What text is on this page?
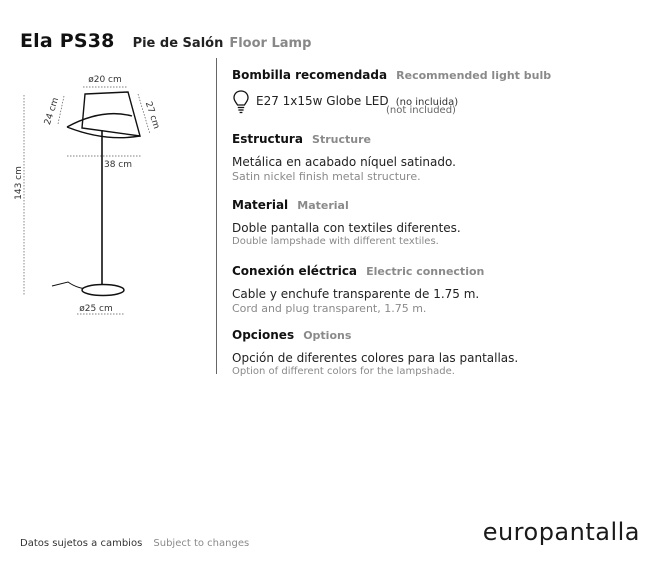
Ela PS38 Pie de Salón Floor Lamp
ø20 cm
24 cm	27 cm
38 cm
143 cm
ø25 cm
Bombilla recomendada Recommended light bulb
E27 1x15w Globe LED (no incluida)
(not included)
Estructura Structure
Metálica en acabado níquel satinado.
Satin nickel finish metal structure.
Material Material
Doble pantalla con textiles diferentes.
Double lampshade with different textiles.
Conexión eléctrica Electric connection
Cable y enchufe transparente de 1.75 m.
Cord and plug transparent, 1.75 m.
Opciones Options
Opción de diferentes colores para las pantallas.
Option of different colors for the lampshade.
Datos sujetos a cambios Subject to changes	europantalla
